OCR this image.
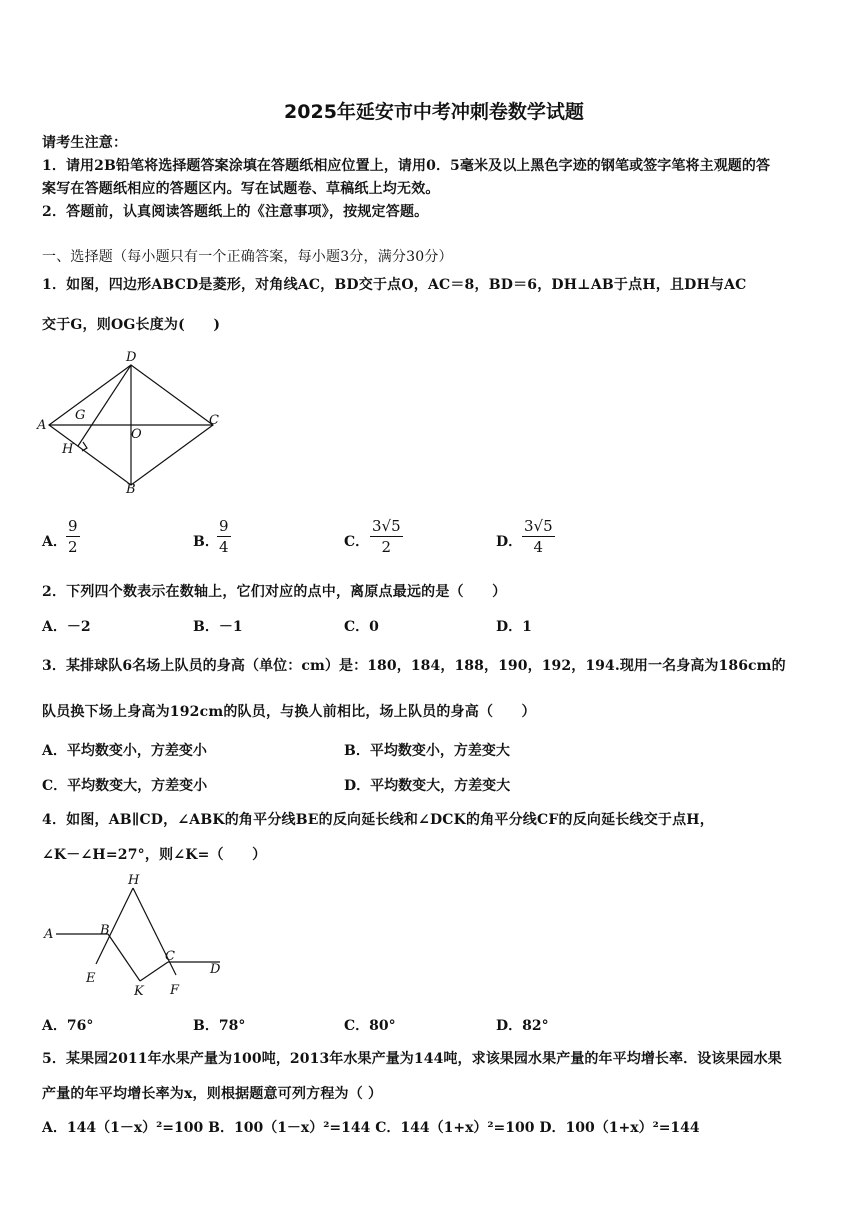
2025年延安市中考冲刺卷数学试题
请考生注意：
1．请用2B铅笔将选择题答案涂填在答题纸相应位置上，请用0．5毫米及以上黑色字迹的钢笔或签字笔将主观题的答
案写在答题纸相应的答题区内。写在试题卷、草稿纸上均无效。
2．答题前，认真阅读答题纸上的《注意事项》，按规定答题。
一、选择题（每小题只有一个正确答案，每小题3分，满分30分）
1．如图，四边形ABCD是菱形，对角线AC，BD交于点O，AC＝8，BD＝6，DH⊥AB于点H，且DH与AC
交于G，则OG长度为(　　)
D
A	C
B
G
H
O
A． $\frac{9}{2}$	B．
$\frac{9}{4}$	C． $\frac{3√5}{2}$	D． $\frac{3√5}{4}$
2．下列四个数表示在数轴上，它们对应的点中，离原点最远的是（　　）
A．－2	B．－1	C．0	D．1
3．某排球队6名场上队员的身高（单位：cm）是：180，184，188，190，192，194.现用一名身高为186cm的
队员换下场上身高为192cm的队员，与换人前相比，场上队员的身高（　　）
A．平均数变小，方差变小	B．平均数变小，方差变大
C．平均数变大，方差变小	D．平均数变大，方差变大
4．如图，AB∥CD，∠ABK的角平分线BE的反向延长线和∠DCK的角平分线CF的反向延长线交于点H，
∠K－∠H=27°，则∠K=（　　）
H
A	B
C
D
E
K F
A．76°	B．78°	C．80°	D．82°
5．某果园2011年水果产量为100吨，2013年水果产量为144吨，求该果园水果产量的年平均增长率．设该果园水果
产量的年平均增长率为x，则根据题意可列方程为（ ）
A．144（1－x）²=100 B．100（1－x）²=144 C．144（1+x）²=100 D．100（1+x）²=144
